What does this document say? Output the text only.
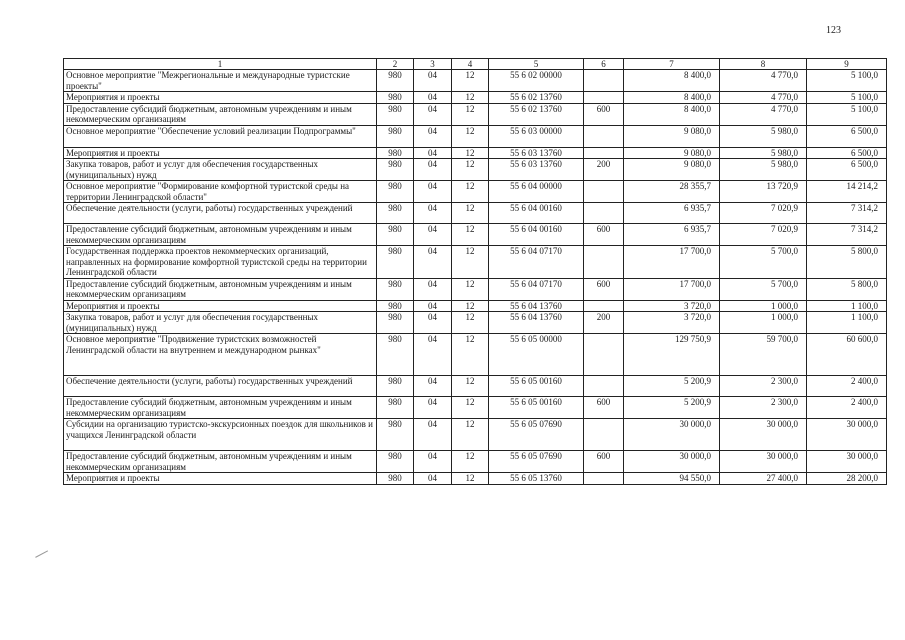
123
1	2	3	4	5	6	7	8	9
Основное мероприятие "Межрегиональные и международные туристские проекты"	980	04	12	55 6 02 00000		8 400,0	4 770,0	5 100,0
Мероприятия и проекты	980	04	12	55 6 02 13760		8 400,0	4 770,0	5 100,0
Предоставление субсидий бюджетным, автономным учреждениям и иным некоммерческим организациям	980	04	12	55 6 02 13760	600	8 400,0	4 770,0	5 100,0
Основное мероприятие "Обеспечение условий реализации Подпрограммы"	980	04	12	55 6 03 00000		9 080,0	5 980,0	6 500,0
Мероприятия и проекты	980	04	12	55 6 03 13760		9 080,0	5 980,0	6 500,0
Закупка товаров, работ и услуг для обеспечения государственных (муниципальных) нужд	980	04	12	55 6 03 13760	200	9 080,0	5 980,0	6 500,0
Основное мероприятие "Формирование комфортной туристской среды на территории Ленинградской области"	980	04	12	55 6 04 00000		28 355,7	13 720,9	14 214,2
Обеспечение деятельности (услуги, работы) государственных учреждений	980	04	12	55 6 04 00160		6 935,7	7 020,9	7 314,2
Предоставление субсидий бюджетным, автономным учреждениям и иным некоммерческим организациям	980	04	12	55 6 04 00160	600	6 935,7	7 020,9	7 314,2
Государственная поддержка проектов некоммерческих организаций, направленных на формирование комфортной туристской среды на территории Ленинградской области	980	04	12	55 6 04 07170		17 700,0	5 700,0	5 800,0
Предоставление субсидий бюджетным, автономным учреждениям и иным некоммерческим организациям	980	04	12	55 6 04 07170	600	17 700,0	5 700,0	5 800,0
Мероприятия и проекты	980	04	12	55 6 04 13760		3 720,0	1 000,0	1 100,0
Закупка товаров, работ и услуг для обеспечения государственных (муниципальных) нужд	980	04	12	55 6 04 13760	200	3 720,0	1 000,0	1 100,0
Основное мероприятие "Продвижение туристских возможностей Ленинградской области на внутреннем и международном рынках"	980	04	12	55 6 05 00000		129 750,9	59 700,0	60 600,0
Обеспечение деятельности (услуги, работы) государственных учреждений	980	04	12	55 6 05 00160		5 200,9	2 300,0	2 400,0
Предоставление субсидий бюджетным, автономным учреждениям и иным некоммерческим организациям	980	04	12	55 6 05 00160	600	5 200,9	2 300,0	2 400,0
Субсидии на организацию туристско-экскурсионных поездок для школьников и учащихся Ленинградской области	980	04	12	55 6 05 07690		30 000,0	30 000,0	30 000,0
Предоставление субсидий бюджетным, автономным учреждениям и иным некоммерческим организациям	980	04	12	55 6 05 07690	600	30 000,0	30 000,0	30 000,0
Мероприятия и проекты	980	04	12	55 6 05 13760		94 550,0	27 400,0	28 200,0
